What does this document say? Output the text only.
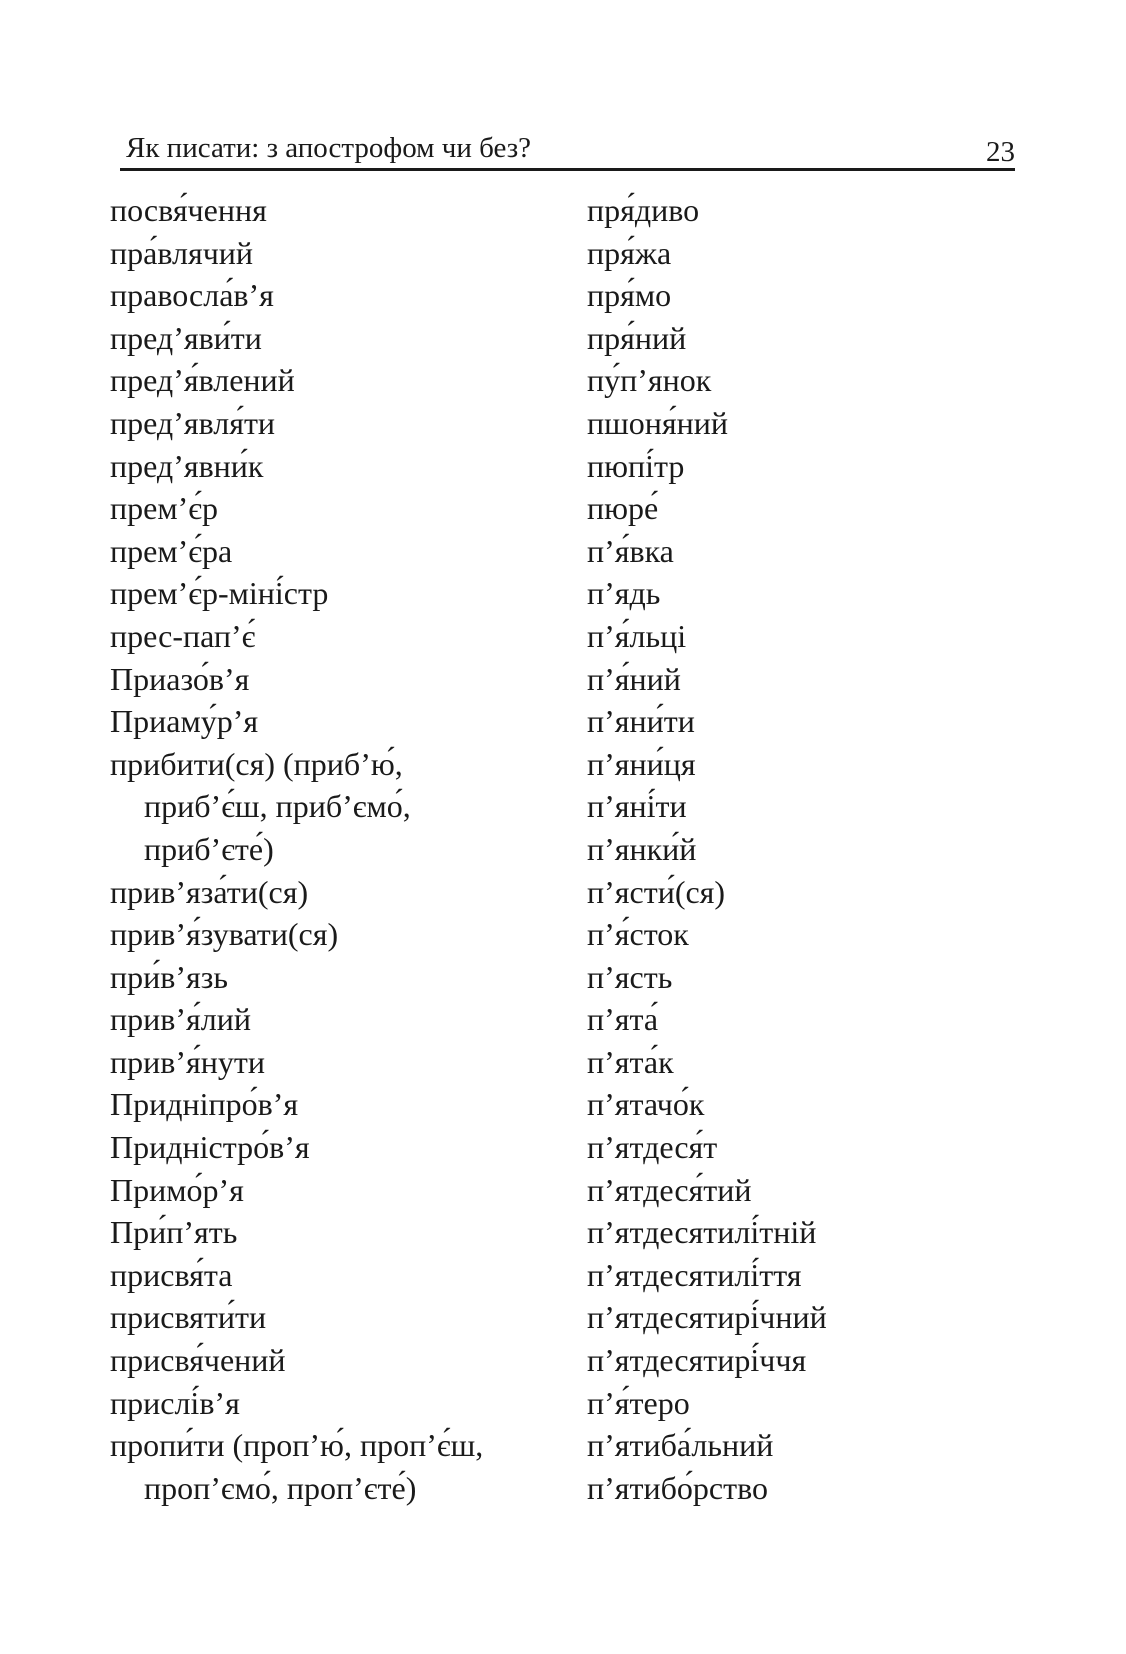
Як писати: з апострофом чи без?	23
посвя́чення
пра́влячий
правосла́в’я
пред’яви́ти
пред’я́влений
пред’явля́ти
пред’явни́к
прем’є́р
прем’є́ра
прем’є́р-міні́стр
прес-пап’є́
Приазо́в’я
Приаму́р’я
прибити(ся) (приб’ю́,
приб’є́ш, приб’ємо́,
приб’єте́)
прив’яза́ти(ся)
прив’я́зувати(ся)
при́в’язь
прив’я́лий
прив’я́нути
Придніпро́в’я
Придністро́в’я
Примо́р’я
При́п’ять
присвя́та
присвяти́ти
присвя́чений
прислі́в’я
пропи́ти (проп’ю́, проп’є́ш,
проп’ємо́, проп’єте́)
пря́диво
пря́жа
пря́мо
пря́ний
пу́п’янок
пшоня́ний
пюпі́тр
пюре́
п’я́вка
п’ядь
п’я́льці
п’я́ний
п’яни́ти
п’яни́ця
п’яні́ти
п’янки́й
п’ясти́(ся)
п’я́сток
п’ясть
п’ята́
п’ята́к
п’ятачо́к
п’ятдеся́т
п’ятдеся́тий
п’ятдесятилі́тній
п’ятдесятилі́ття
п’ятдесятирі́чний
п’ятдесятирі́ччя
п’я́теро
п’ятиба́льний
п’ятибо́рство
